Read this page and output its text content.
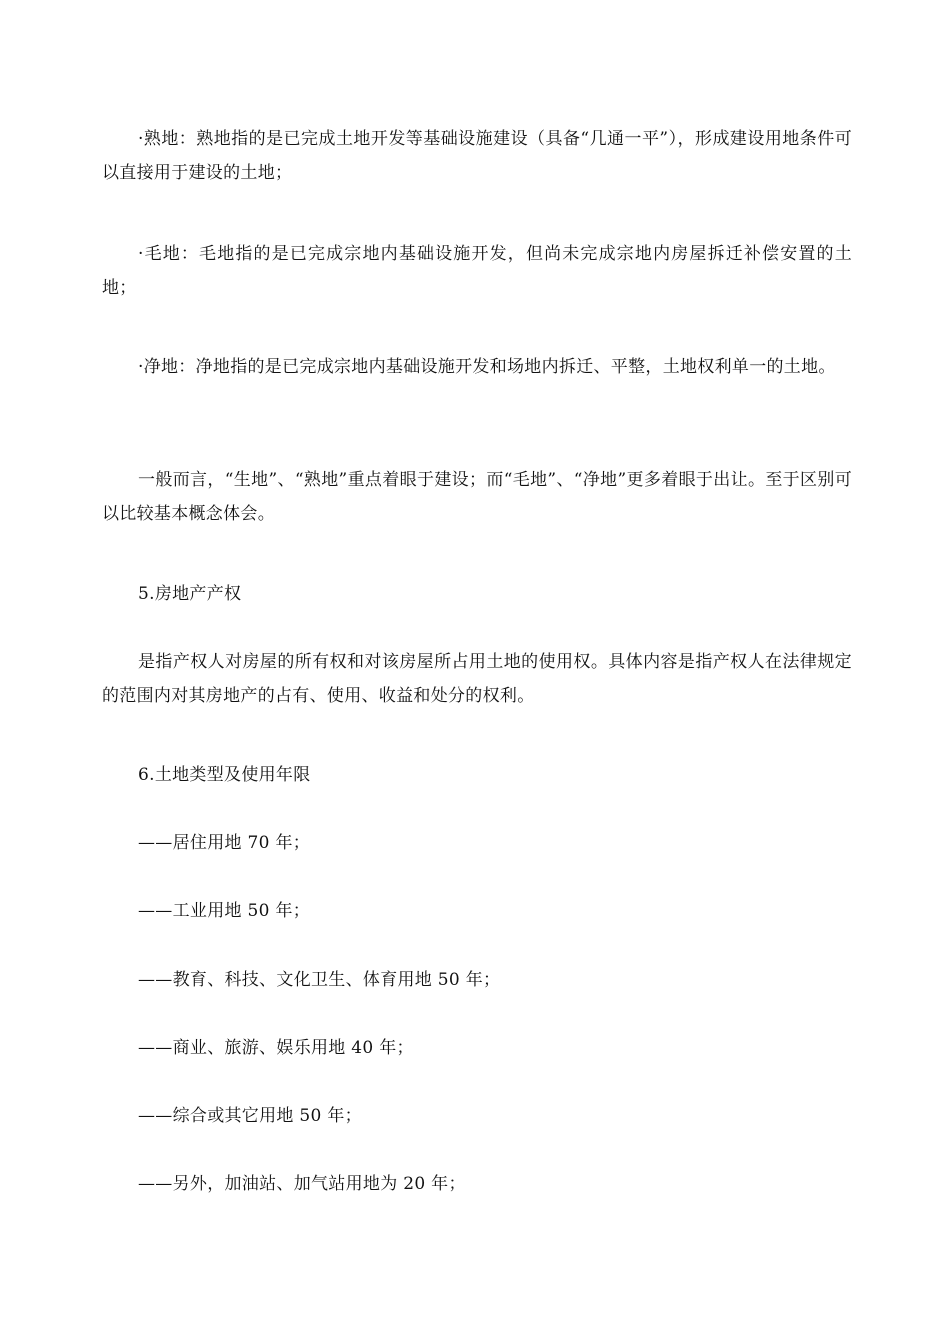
·熟地：熟地指的是已完成土地开发等基础设施建设（具备“几通一平”），形成建设用地条件可以直接用于建设的土地；

·毛地：毛地指的是已完成宗地内基础设施开发，但尚未完成宗地内房屋拆迁补偿安置的土地；

·净地：净地指的是已完成宗地内基础设施开发和场地内拆迁、平整，土地权利单一的土地。

一般而言，“生地”、“熟地”重点着眼于建设；而“毛地”、“净地”更多着眼于出让。至于区别可以比较基本概念体会。

5.房地产产权

是指产权人对房屋的所有权和对该房屋所占用土地的使用权。具体内容是指产权人在法律规定的范围内对其房地产的占有、使用、收益和处分的权利。

6.土地类型及使用年限

——居住用地 70 年；

——工业用地 50 年；

——教育、科技、文化卫生、体育用地 50 年；

——商业、旅游、娱乐用地 40 年；

——综合或其它用地 50 年；

——另外，加油站、加气站用地为 20 年；
